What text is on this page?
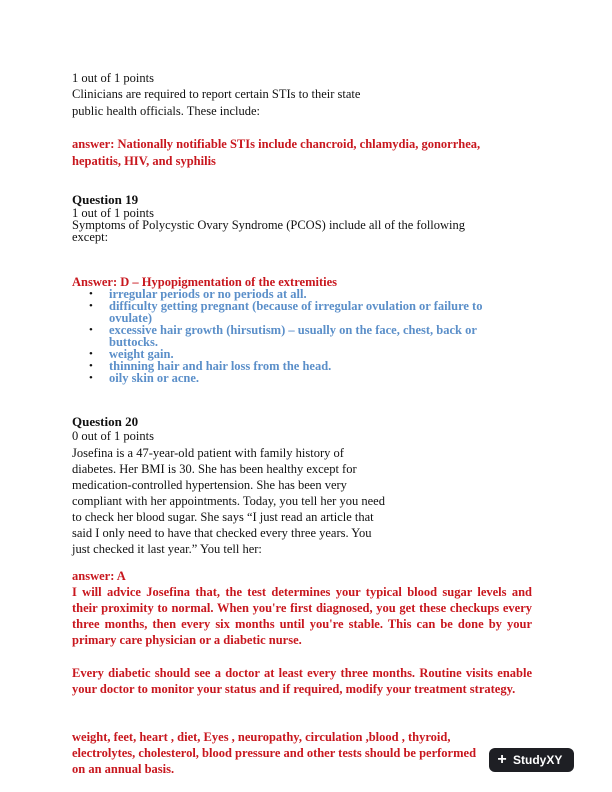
1 out of 1 points
Clinicians are required to report certain STIs to their state
public health officials. These include:
answer: Nationally notifiable STIs include chancroid, chlamydia, gonorrhea,
hepatitis, HIV, and syphilis
Question 19
1 out of 1 points
Symptoms of Polycystic Ovary Syndrome (PCOS) include all of the following
except:
Answer: D – Hypopigmentation of the extremities
• irregular periods or no periods at all.
• difficulty getting pregnant (because of irregular ovulation or failure to
ovulate)
• excessive hair growth (hirsutism) – usually on the face, chest, back or
buttocks.
• weight gain.
• thinning hair and hair loss from the head.
• oily skin or acne.
Question 20
0 out of 1 points
Josefina is a 47-year-old patient with family history of
diabetes. Her BMI is 30. She has been healthy except for
medication-controlled hypertension. She has been very
compliant with her appointments. Today, you tell her you need
to check her blood sugar. She says “I just read an article that
said I only need to have that checked every three years. You
just checked it last year.” You tell her:
answer: A
I will advice Josefina that, the test determines your typical blood sugar levels and their proximity to normal. When you're first diagnosed, you get these checkups every three months, then every six months until you're stable. This can be done by your primary care physician or a diabetic nurse.
Every diabetic should see a doctor at least every three months. Routine visits enable your doctor to monitor your status and if required, modify your treatment strategy.
weight, feet, heart , diet, Eyes , neuropathy, circulation ,blood , thyroid,
electrolytes, cholesterol, blood pressure and other tests should be performed
on an annual basis.
+ StudyXY
